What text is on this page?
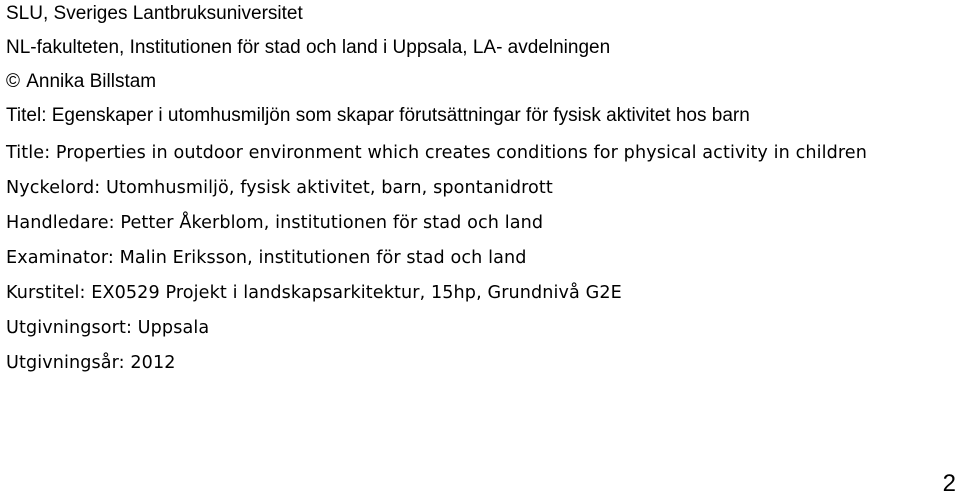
SLU, Sveriges Lantbruksuniversitet
NL-fakulteten, Institutionen för stad och land i Uppsala, LA- avdelningen
© Annika Billstam
Titel: Egenskaper i utomhusmiljön som skapar förutsättningar för fysisk aktivitet hos barn
Title: Properties in outdoor environment which creates conditions for physical activity in children
Nyckelord: Utomhusmiljö, fysisk aktivitet, barn, spontanidrott
Handledare: Petter Åkerblom, institutionen för stad och land
Examinator: Malin Eriksson, institutionen för stad och land
Kurstitel: EX0529 Projekt i landskapsarkitektur, 15hp, Grundnivå G2E
Utgivningsort: Uppsala
Utgivningsår: 2012
2
